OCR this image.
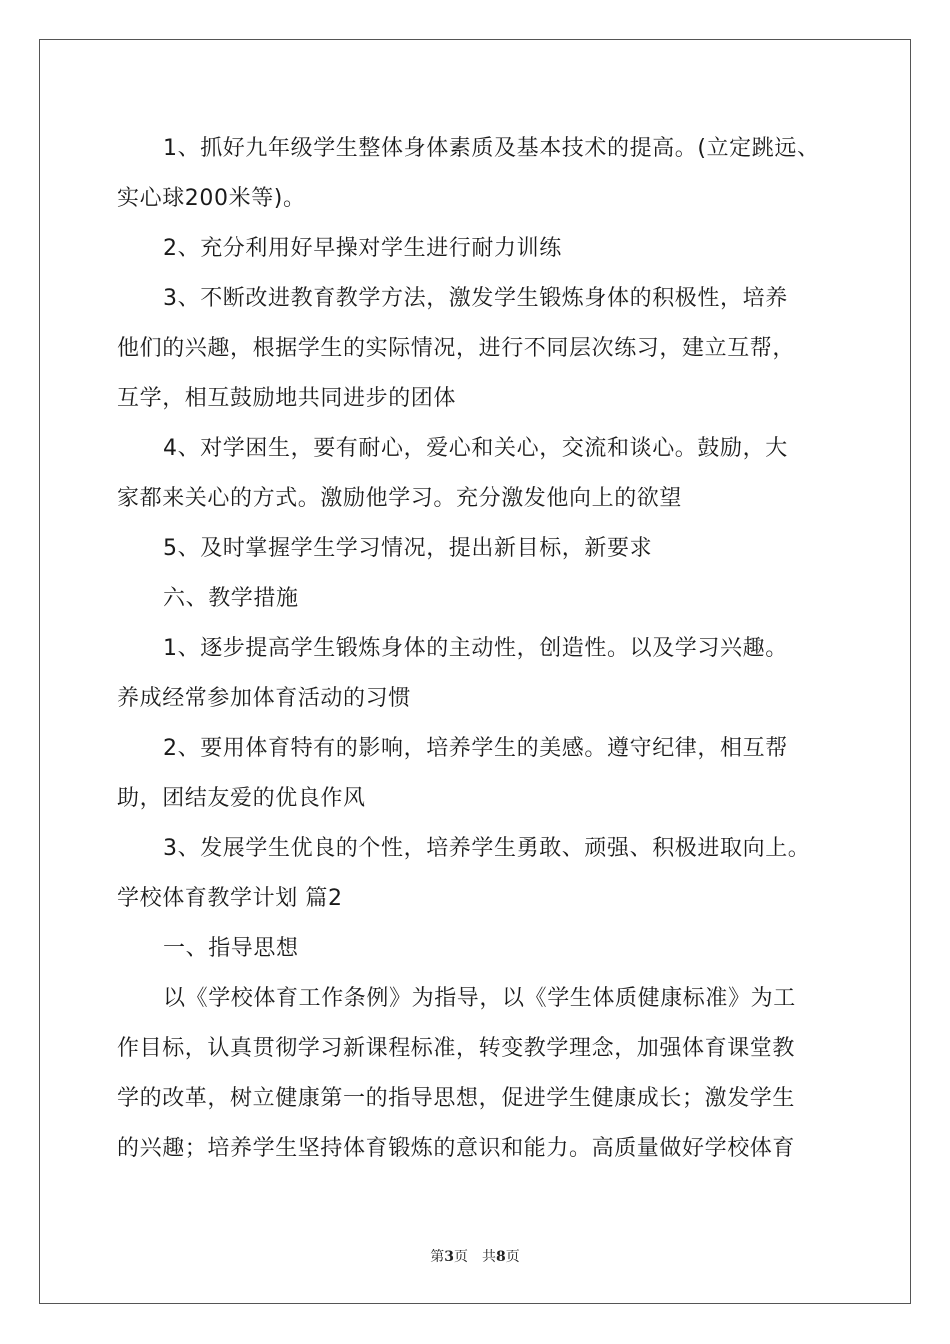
1、抓好九年级学生整体身体素质及基本技术的提高。(立定跳远、
实心球200米等)。
2、充分利用好早操对学生进行耐力训练
3、不断改进教育教学方法，激发学生锻炼身体的积极性，培养
他们的兴趣，根据学生的实际情况，进行不同层次练习，建立互帮，
互学，相互鼓励地共同进步的团体
4、对学困生，要有耐心，爱心和关心，交流和谈心。鼓励，大
家都来关心的方式。激励他学习。充分激发他向上的欲望
5、及时掌握学生学习情况，提出新目标，新要求
六、教学措施
1、逐步提高学生锻炼身体的主动性，创造性。以及学习兴趣。
养成经常参加体育活动的习惯
2、要用体育特有的影响，培养学生的美感。遵守纪律，相互帮
助，团结友爱的优良作风
3、发展学生优良的个性，培养学生勇敢、顽强、积极进取向上。
学校体育教学计划 篇2
一、指导思想
以《学校体育工作条例》为指导，以《学生体质健康标准》为工
作目标，认真贯彻学习新课程标准，转变教学理念，加强体育课堂教
学的改革，树立健康第一的指导思想，促进学生健康成长；激发学生
的兴趣；培养学生坚持体育锻炼的意识和能力。高质量做好学校体育
第3页 共8页
